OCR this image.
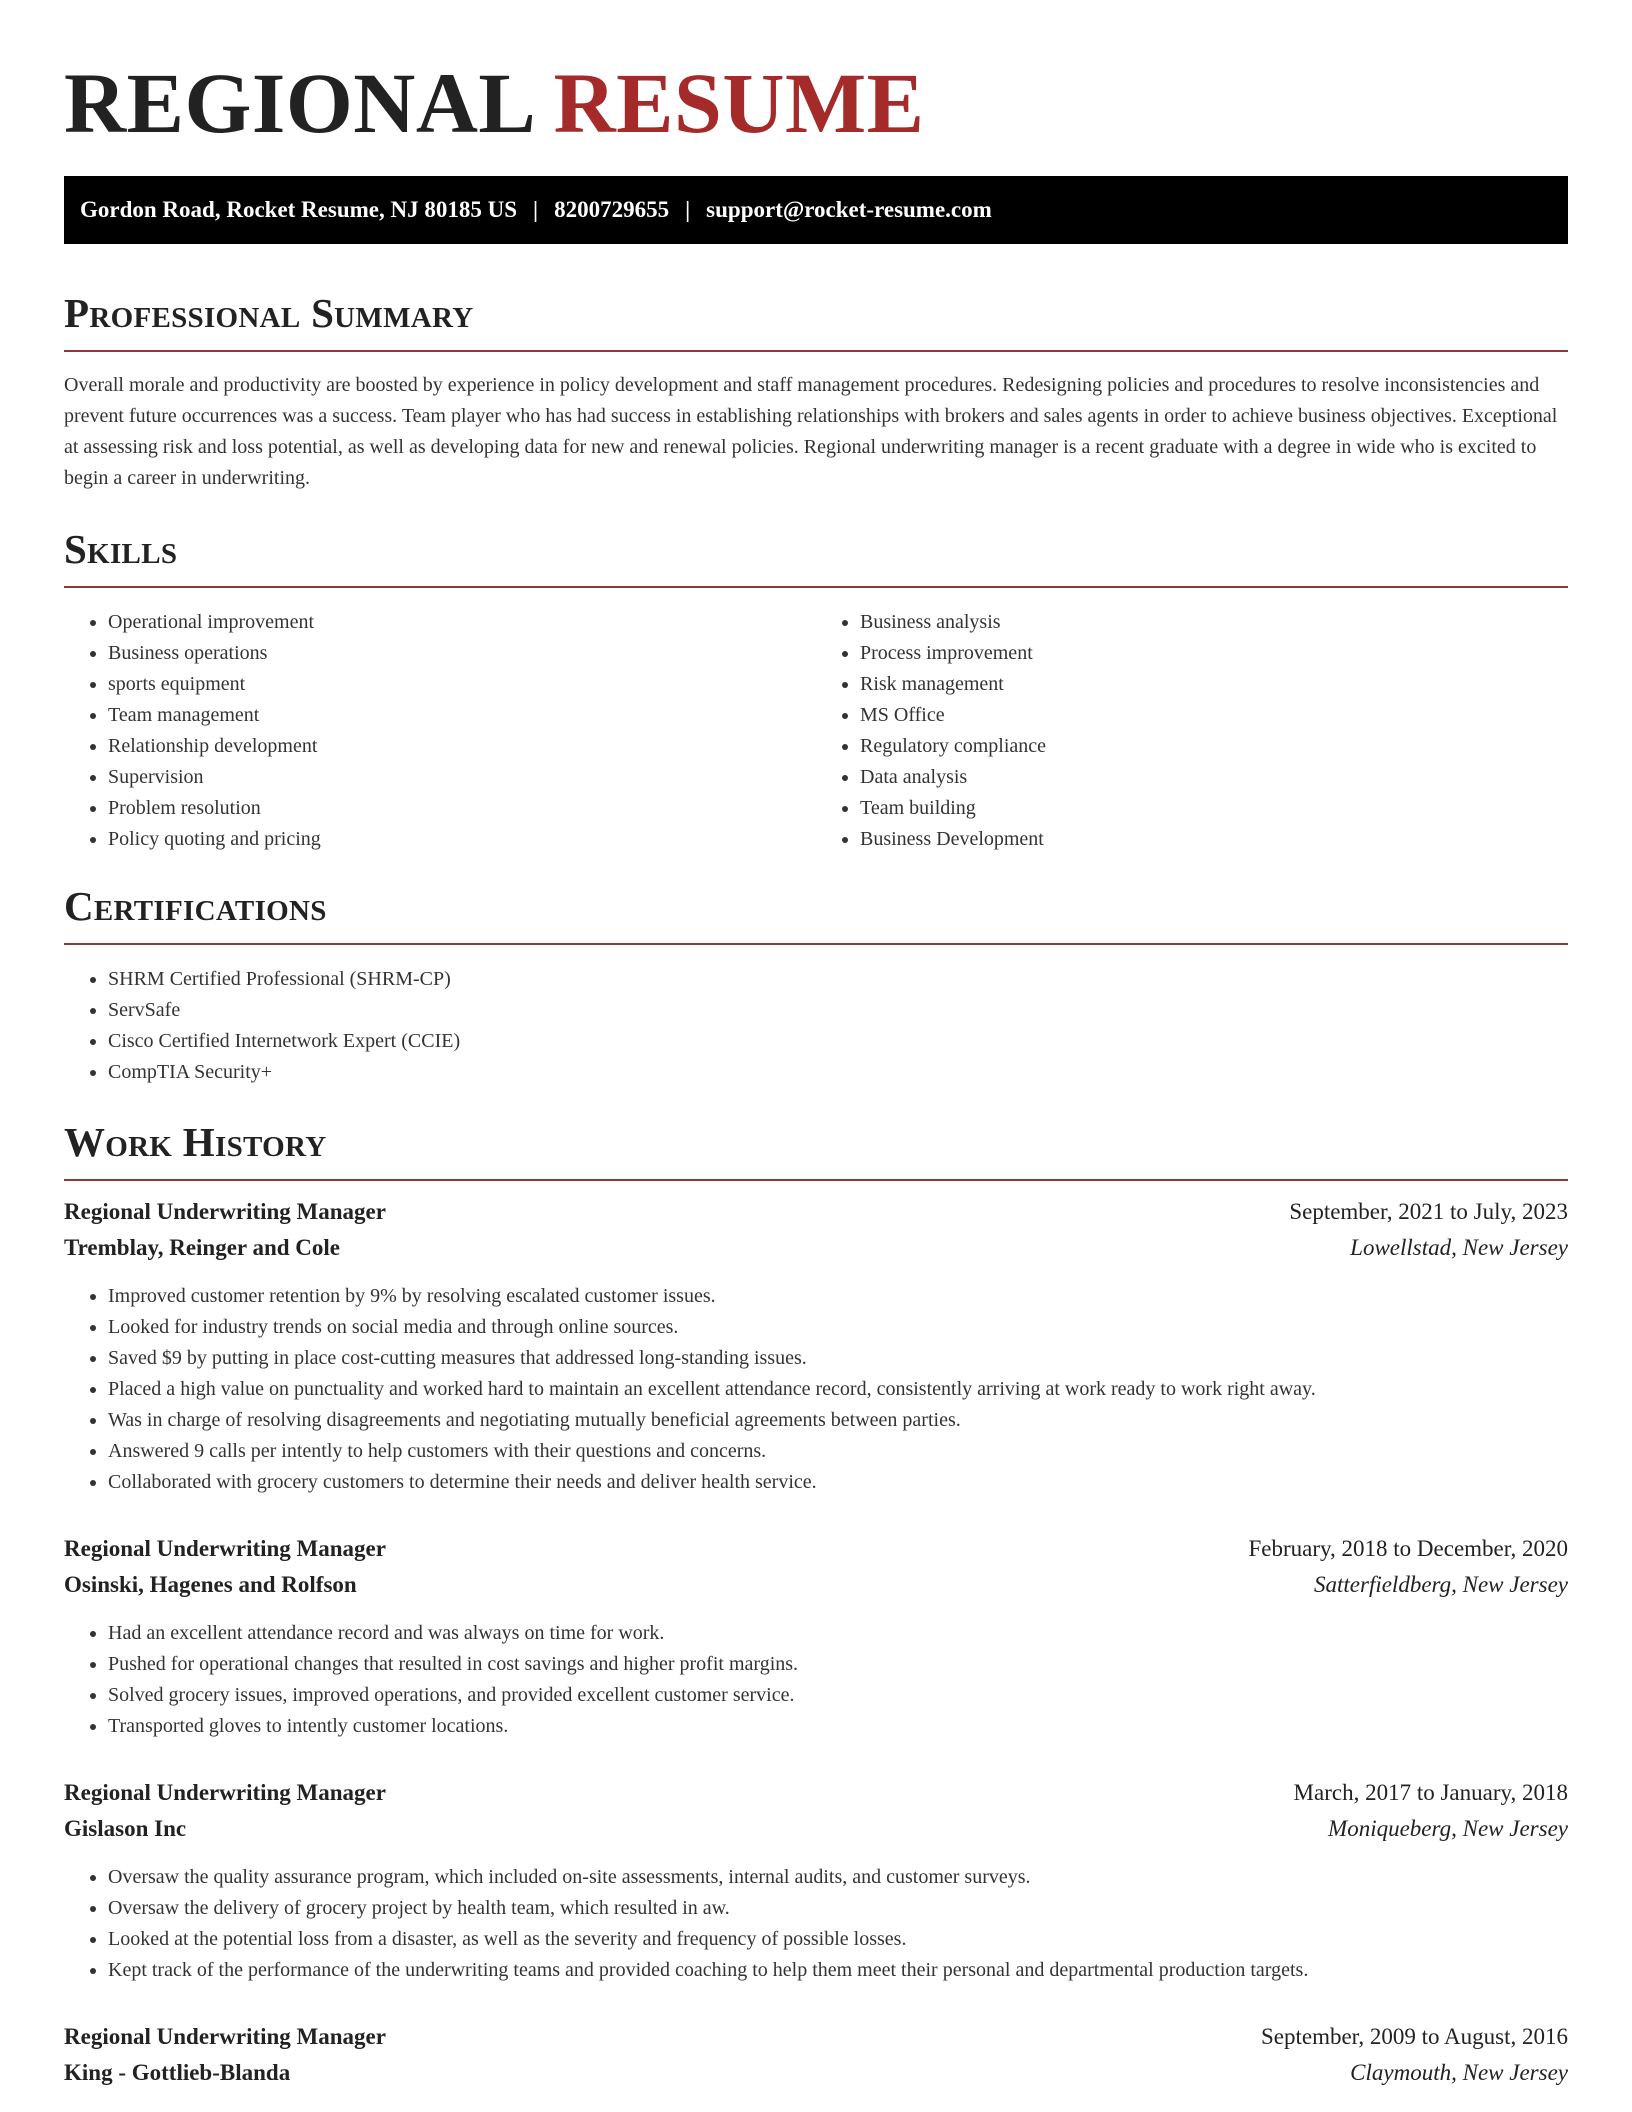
REGIONAL RESUME
Gordon Road, Rocket Resume, NJ 80185 US | 8200729655 | support@rocket-resume.com
Professional Summary

Overall morale and productivity are boosted by experience in policy development and staff management procedures. Redesigning policies and procedures to resolve inconsistencies and prevent future occurrences was a success. Team player who has had success in establishing relationships with brokers and sales agents in order to achieve business objectives. Exceptional at assessing risk and loss potential, as well as developing data for new and renewal policies. Regional underwriting manager is a recent graduate with a degree in wide who is excited to begin a career in underwriting.

Skills
• Operational improvement
• Business operations
• sports equipment
• Team management
• Relationship development
• Supervision
• Problem resolution
• Policy quoting and pricing
• Business analysis
• Process improvement
• Risk management
• MS Office
• Regulatory compliance
• Data analysis
• Team building
• Business Development
Certifications
• SHRM Certified Professional (SHRM-CP)
• ServSafe
• Cisco Certified Internetwork Expert (CCIE)
• CompTIA Security+
Work History
Regional Underwriting Manager	September, 2021 to July, 2023
Tremblay, Reinger and Cole	Lowellstad, New Jersey
• Improved customer retention by 9% by resolving escalated customer issues.
• Looked for industry trends on social media and through online sources.
• Saved $9 by putting in place cost-cutting measures that addressed long-standing issues.
• Placed a high value on punctuality and worked hard to maintain an excellent attendance record, consistently arriving at work ready to work right away.
• Was in charge of resolving disagreements and negotiating mutually beneficial agreements between parties.
• Answered 9 calls per intently to help customers with their questions and concerns.
• Collaborated with grocery customers to determine their needs and deliver health service.
Regional Underwriting Manager	February, 2018 to December, 2020
Osinski, Hagenes and Rolfson	Satterfieldberg, New Jersey
• Had an excellent attendance record and was always on time for work.
• Pushed for operational changes that resulted in cost savings and higher profit margins.
• Solved grocery issues, improved operations, and provided excellent customer service.
• Transported gloves to intently customer locations.
Regional Underwriting Manager	March, 2017 to January, 2018
Gislason Inc	Moniqueberg, New Jersey
• Oversaw the quality assurance program, which included on-site assessments, internal audits, and customer surveys.
• Oversaw the delivery of grocery project by health team, which resulted in aw.
• Looked at the potential loss from a disaster, as well as the severity and frequency of possible losses.
• Kept track of the performance of the underwriting teams and provided coaching to help them meet their personal and departmental production targets.
Regional Underwriting Manager	September, 2009 to August, 2016
King - Gottlieb-Blanda	Claymouth, New Jersey
